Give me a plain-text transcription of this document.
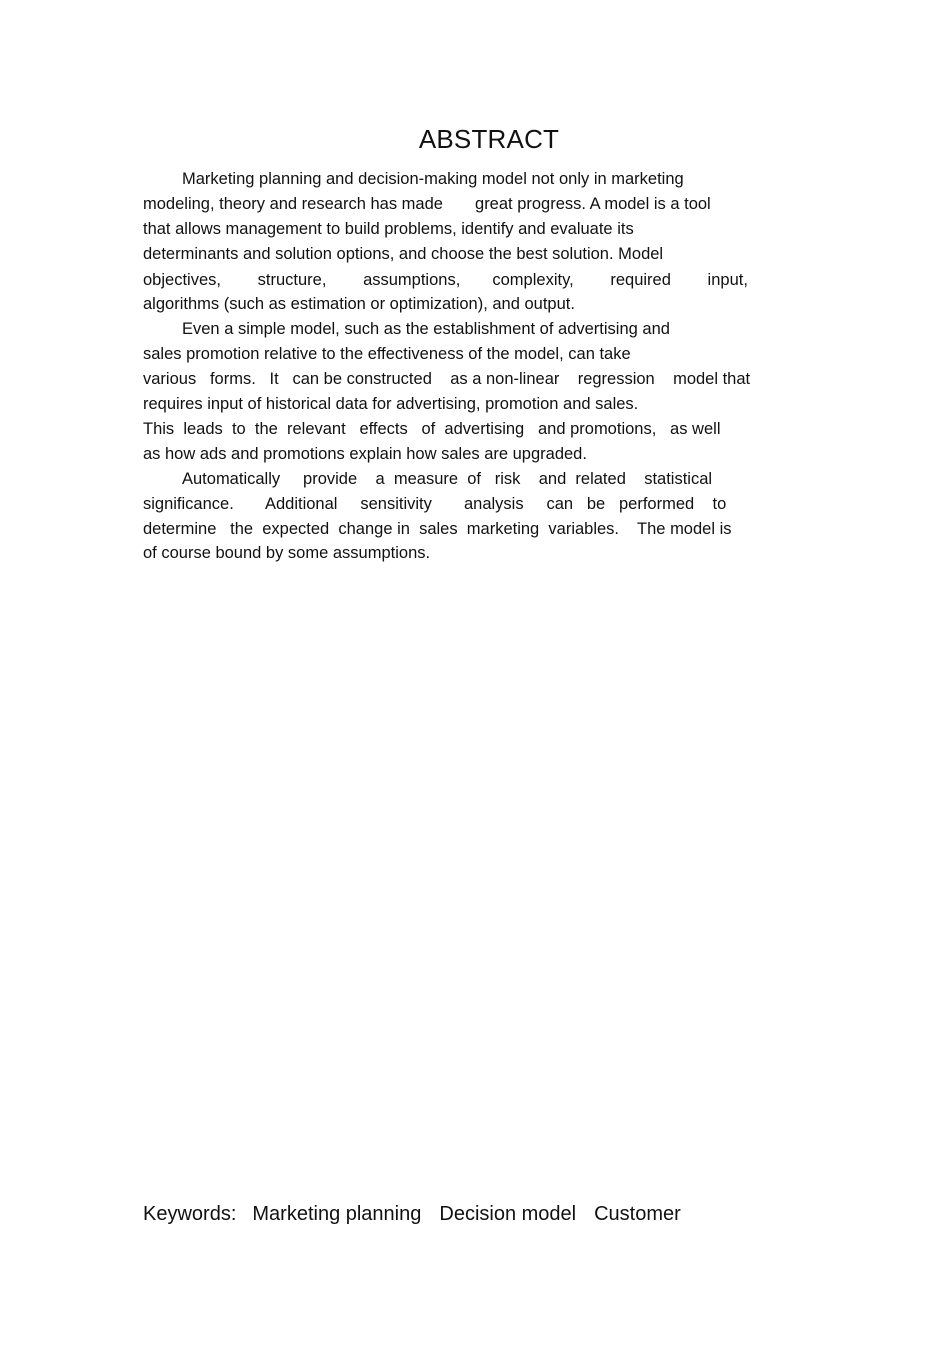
ABSTRACT
Marketing planning and decision-making model not only in marketing
modeling, theory and research has made       great progress. A model is a tool
that allows management to build problems, identify and evaluate its
determinants and solution options, and choose the best solution. Model
objectives,        structure,        assumptions,       complexity,        required        input,
algorithms (such as estimation or optimization), and output.
Even a simple model, such as the establishment of advertising and
sales promotion relative to the effectiveness of the model, can take
various   forms.   It   can be constructed    as a non-linear    regression    model that
requires input of historical data for advertising, promotion and sales.
This  leads  to  the  relevant   effects   of  advertising   and promotions,   as well
as how ads and promotions explain how sales are upgraded.
Automatically     provide    a  measure  of   risk    and  related    statistical
significance.       Additional     sensitivity       analysis     can   be   performed    to
determine   the  expected  change in  sales  marketing  variables.    The model is
of course bound by some assumptions.
Keywords: Marketing planning Decision model Customer
